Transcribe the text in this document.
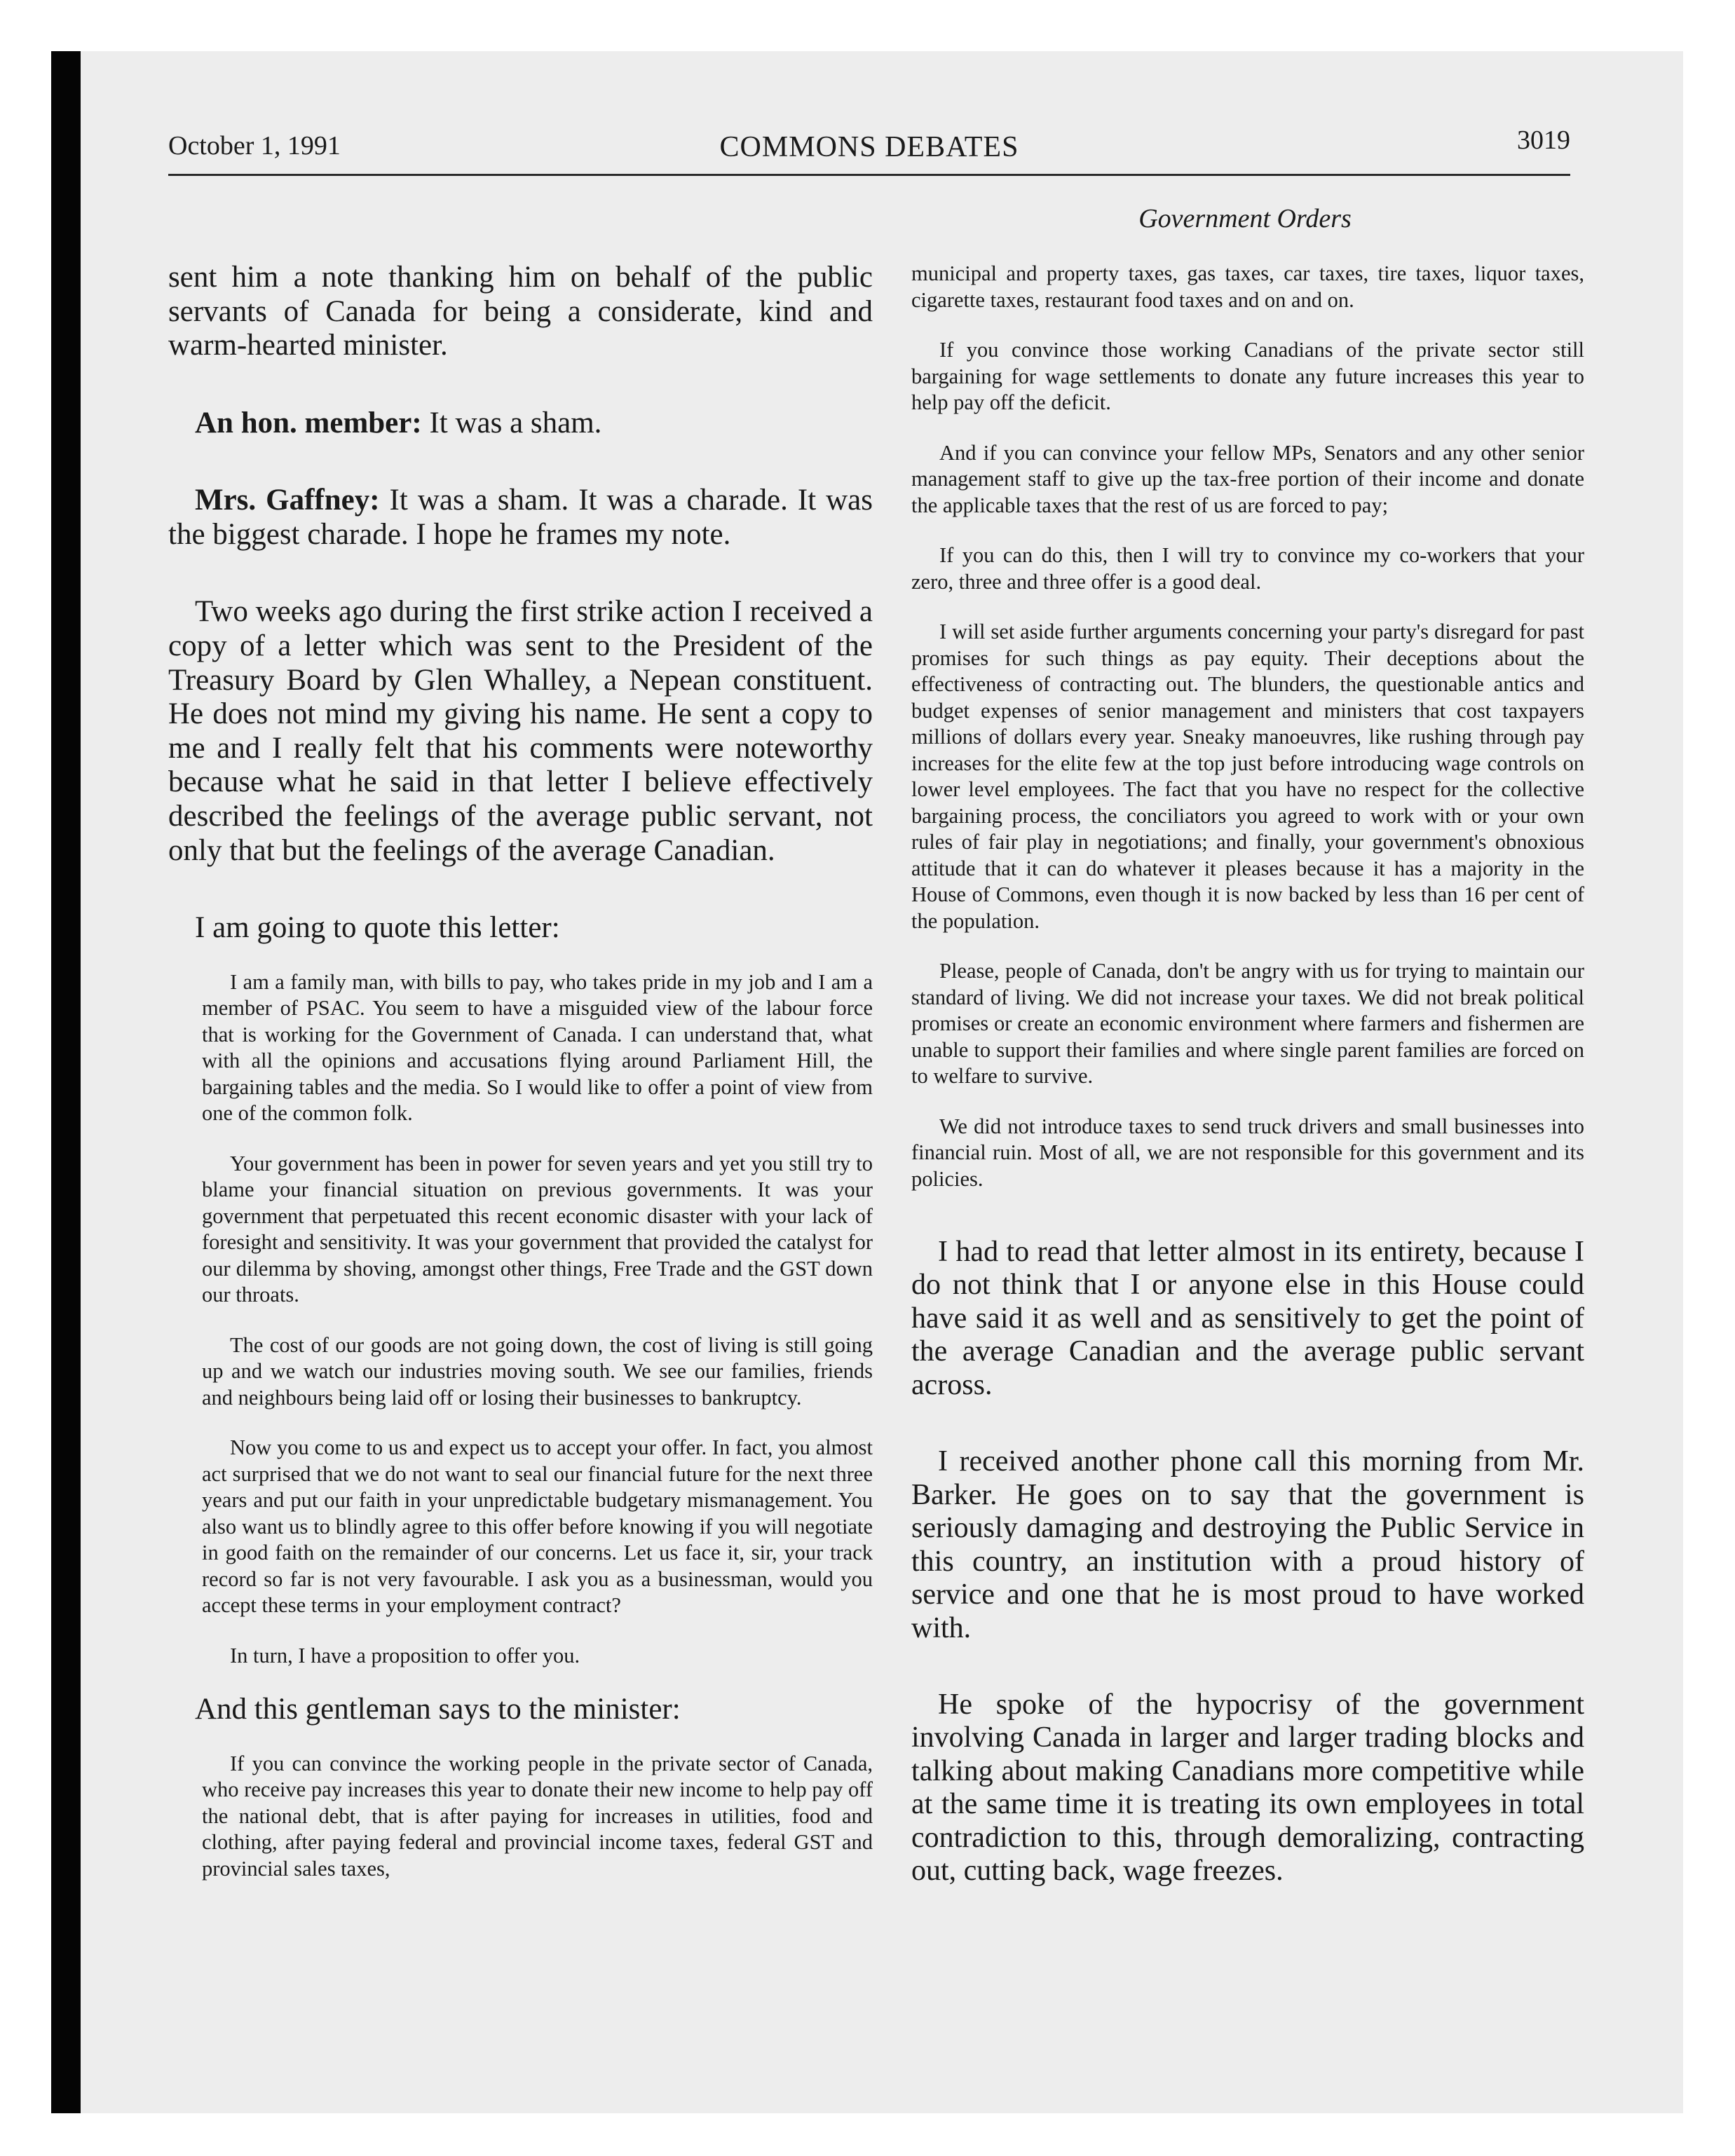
October 1, 1991	COMMONS DEBATES	3019
Government Orders

sent him a note thanking him on behalf of the public servants of Canada for being a considerate, kind and warm-hearted minister.

An hon. member: It was a sham.

Mrs. Gaffney: It was a sham. It was a charade. It was the biggest charade. I hope he frames my note.

Two weeks ago during the first strike action I received a copy of a letter which was sent to the President of the Treasury Board by Glen Whalley, a Nepean constituent. He does not mind my giving his name. He sent a copy to me and I really felt that his comments were noteworthy because what he said in that letter I believe effectively described the feelings of the average public servant, not only that but the feelings of the average Canadian.

I am going to quote this letter:

I am a family man, with bills to pay, who takes pride in my job and I am a member of PSAC. You seem to have a misguided view of the labour force that is working for the Government of Canada. I can understand that, what with all the opinions and accusations flying around Parliament Hill, the bargaining tables and the media. So I would like to offer a point of view from one of the common folk.

Your government has been in power for seven years and yet you still try to blame your financial situation on previous governments. It was your government that perpetuated this recent economic disaster with your lack of foresight and sensitivity. It was your government that provided the catalyst for our dilemma by shoving, amongst other things, Free Trade and the GST down our throats.

The cost of our goods are not going down, the cost of living is still going up and we watch our industries moving south. We see our families, friends and neighbours being laid off or losing their businesses to bankruptcy.

Now you come to us and expect us to accept your offer. In fact, you almost act surprised that we do not want to seal our financial future for the next three years and put our faith in your unpredictable budgetary mismanagement. You also want us to blindly agree to this offer before knowing if you will negotiate in good faith on the remainder of our concerns. Let us face it, sir, your track record so far is not very favourable. I ask you as a businessman, would you accept these terms in your employment contract?

In turn, I have a proposition to offer you.

And this gentleman says to the minister:

If you can convince the working people in the private sector of Canada, who receive pay increases this year to donate their new income to help pay off the national debt, that is after paying for increases in utilities, food and clothing, after paying federal and provincial income taxes, federal GST and provincial sales taxes,

municipal and property taxes, gas taxes, car taxes, tire taxes, liquor taxes, cigarette taxes, restaurant food taxes and on and on.

If you convince those working Canadians of the private sector still bargaining for wage settlements to donate any future increases this year to help pay off the deficit.

And if you can convince your fellow MPs, Senators and any other senior management staff to give up the tax-free portion of their income and donate the applicable taxes that the rest of us are forced to pay;

If you can do this, then I will try to convince my co-workers that your zero, three and three offer is a good deal.

I will set aside further arguments concerning your party's disregard for past promises for such things as pay equity. Their deceptions about the effectiveness of contracting out. The blunders, the questionable antics and budget expenses of senior management and ministers that cost taxpayers millions of dollars every year. Sneaky manoeuvres, like rushing through pay increases for the elite few at the top just before introducing wage controls on lower level employees. The fact that you have no respect for the collective bargaining process, the conciliators you agreed to work with or your own rules of fair play in negotiations; and finally, your government's obnoxious attitude that it can do whatever it pleases because it has a majority in the House of Commons, even though it is now backed by less than 16 per cent of the population.

Please, people of Canada, don't be angry with us for trying to maintain our standard of living. We did not increase your taxes. We did not break political promises or create an economic environment where farmers and fishermen are unable to support their families and where single parent families are forced on to welfare to survive.

We did not introduce taxes to send truck drivers and small businesses into financial ruin. Most of all, we are not responsible for this government and its policies.

I had to read that letter almost in its entirety, because I do not think that I or anyone else in this House could have said it as well and as sensitively to get the point of the average Canadian and the average public servant across.

I received another phone call this morning from Mr. Barker. He goes on to say that the government is seriously damaging and destroying the Public Service in this country, an institution with a proud history of service and one that he is most proud to have worked with.

He spoke of the hypocrisy of the government involving Canada in larger and larger trading blocks and talking about making Canadians more competitive while at the same time it is treating its own employees in total contradiction to this, through demoralizing, contracting out, cutting back, wage freezes.
